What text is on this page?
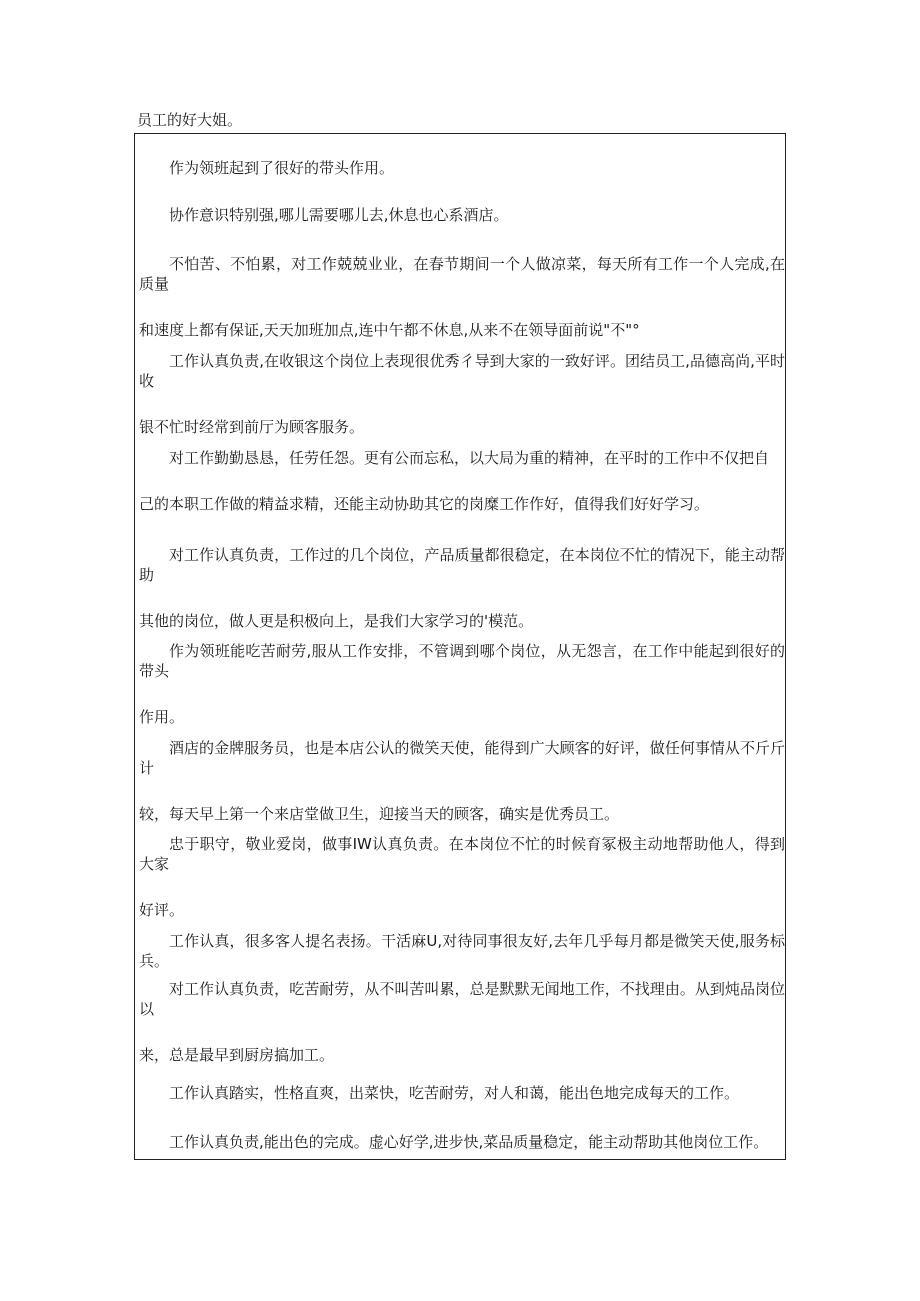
员工的好大姐。

作为领班起到了很好的带头作用。

协作意识特别强,哪儿需要哪儿去,休息也心系酒店。

不怕苦、不怕累，对工作兢兢业业，在春节期间一个人做凉菜，每天所有工作一个人完成,在质量
和速度上都有保证,天天加班加点,连中午都不休息,从来不在领导面前说"不"°

工作认真负责,在收银这个岗位上表现很优秀彳导到大家的一致好评。团结员工,品德高尚,平时收
银不忙时经常到前厅为顾客服务。

对工作勤勤恳恳，任劳任怨。更有公而忘私，以大局为重的精神，在平时的工作中不仅把自
己的本职工作做的精益求精，还能主动协助其它的岗糜工作作好，值得我们好好学习。

对工作认真负责，工作过的几个岗位，产品质量都很稳定，在本岗位不忙的情况下，能主动帮助
其他的岗位，做人更是积极向上，是我们大家学习的'模范。

作为领班能吃苦耐劳,服从工作安排，不管调到哪个岗位，从无怨言，在工作中能起到很好的带头
作用。

酒店的金牌服务员，也是本店公认的微笑天使，能得到广大顾客的好评，做任何事情从不斤斤计
较，每天早上第一个来店堂做卫生，迎接当天的顾客，确实是优秀员工。

忠于职守，敬业爱岗，做事IW认真负责。在本岗位不忙的时候育冢极主动地帮助他人，得到大家
好评。

工作认真，很多客人提名表扬。干活麻U,对待同事很友好,去年几乎每月都是微笑天使,服务标兵。

对工作认真负责，吃苦耐劳，从不叫苦叫累，总是默默无闻地工作，不找理由。从到炖品岗位以
来，总是最早到厨房搞加工。

工作认真踏实，性格直爽，出菜快，吃苦耐劳，对人和蔼，能出色地完成每天的工作。

工作认真负责,能出色的完成。虚心好学,进步快,菜品质量稳定，能主动帮助其他岗位工作。
